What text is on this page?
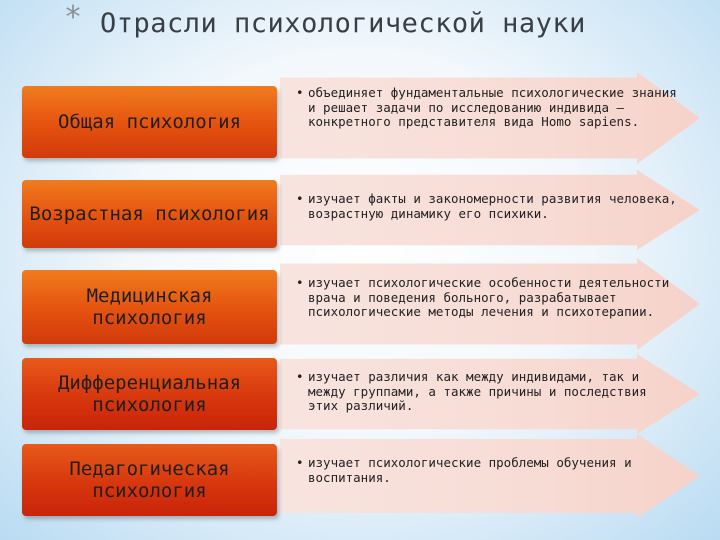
* Отрасли психологической науки
Общая психология
• объединяет фундаментальные психологические знания и решает задачи по исследованию индивида — конкретного представителя вида Homo sapiens.
Возрастная психология
• изучает факты и закономерности развития человека, возрастную динамику его психики.
Медицинская психология
• изучает психологические особенности деятельности врача и поведения больного, разрабатывает психологические методы лечения и психотерапии.
Дифференциальная психология
• изучает различия как между индивидами, так и между группами, а также причины и последствия этих различий.
Педагогическая психология
• изучает психологические проблемы обучения и воспитания.
